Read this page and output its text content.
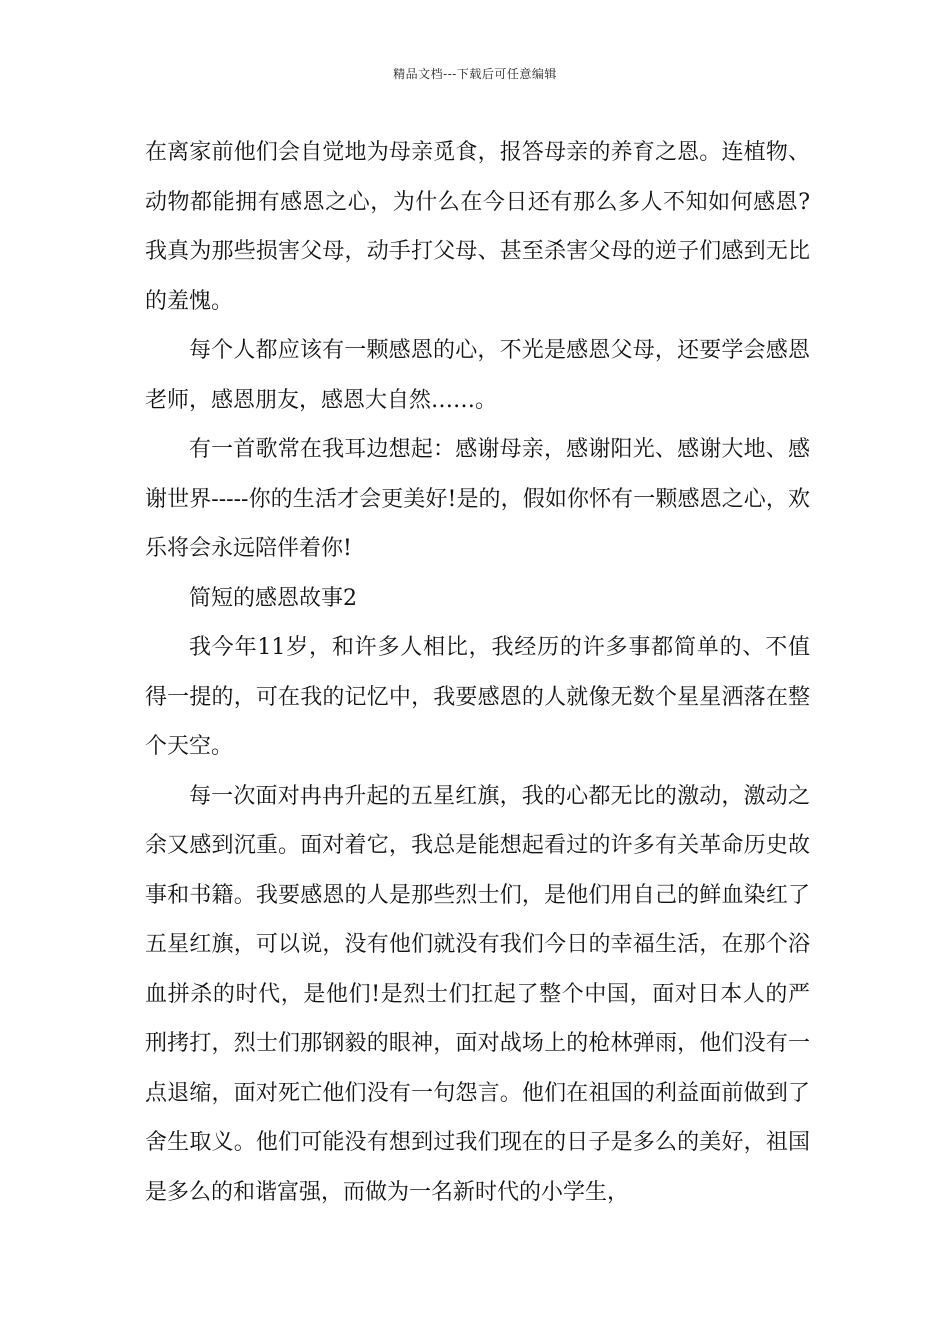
精品文档---下载后可任意编辑

在离家前他们会自觉地为母亲觅食，报答母亲的养育之恩。连植物、动物都能拥有感恩之心，为什么在今日还有那么多人不知如何感恩?我真为那些损害父母，动手打父母、甚至杀害父母的逆子们感到无比的羞愧。

每个人都应该有一颗感恩的心，不光是感恩父母，还要学会感恩老师，感恩朋友，感恩大自然……。

有一首歌常在我耳边想起：感谢母亲，感谢阳光、感谢大地、感谢世界-----你的生活才会更美好!是的，假如你怀有一颗感恩之心，欢乐将会永远陪伴着你!

简短的感恩故事2

我今年11岁，和许多人相比，我经历的许多事都简单的、不值得一提的，可在我的记忆中，我要感恩的人就像无数个星星洒落在整个天空。

每一次面对冉冉升起的五星红旗，我的心都无比的激动，激动之余又感到沉重。面对着它，我总是能想起看过的许多有关革命历史故事和书籍。我要感恩的人是那些烈士们，是他们用自己的鲜血染红了五星红旗，可以说，没有他们就没有我们今日的幸福生活，在那个浴血拼杀的时代，是他们!是烈士们扛起了整个中国，面对日本人的严刑拷打，烈士们那钢毅的眼神，面对战场上的枪林弹雨，他们没有一点退缩，面对死亡他们没有一句怨言。他们在祖国的利益面前做到了舍生取义。他们可能没有想到过我们现在的日子是多么的美好，祖国是多么的和谐富强，而做为一名新时代的小学生，
